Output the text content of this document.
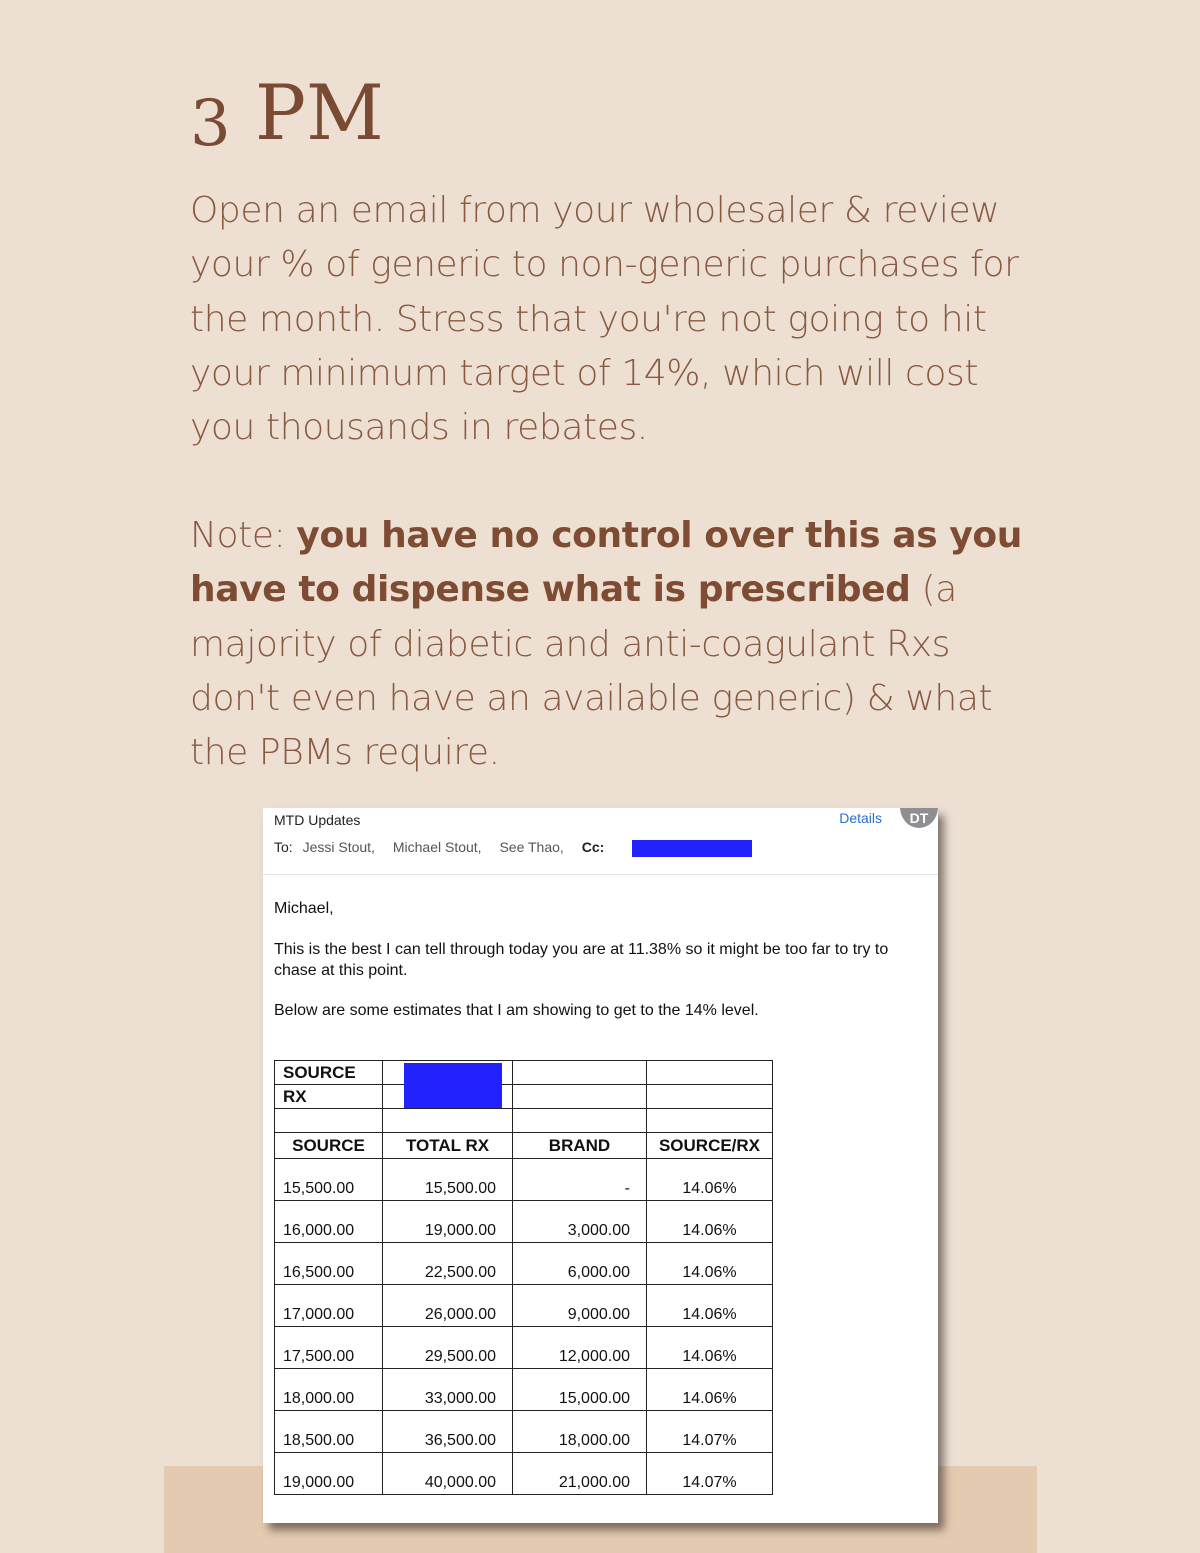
3 PM

Open an email from your wholesaler & review your % of generic to non-generic purchases for the month. Stress that you're not going to hit your minimum target of 14%, which will cost you thousands in rebates.

Note: you have no control over this as you have to dispense what is prescribed (a majority of diabetic and anti-coagulant Rxs don't even have an available generic) & what the PBMs require.

MTD Updates	Details	DT
To: Jessi Stout, Michael Stout, See Thao, Cc:
Michael,
This is the best I can tell through today you are at 11.38% so it might be too far to try to chase at this point.
Below are some estimates that I am showing to get to the 14% level.
SOURCE			
RX			

SOURCE	TOTAL RX	BRAND	SOURCE/RX
15,500.00	15,500.00	-	14.06%
16,000.00	19,000.00	3,000.00	14.06%
16,500.00	22,500.00	6,000.00	14.06%
17,000.00	26,000.00	9,000.00	14.06%
17,500.00	29,500.00	12,000.00	14.06%
18,000.00	33,000.00	15,000.00	14.06%
18,500.00	36,500.00	18,000.00	14.07%
19,000.00	40,000.00	21,000.00	14.07%
